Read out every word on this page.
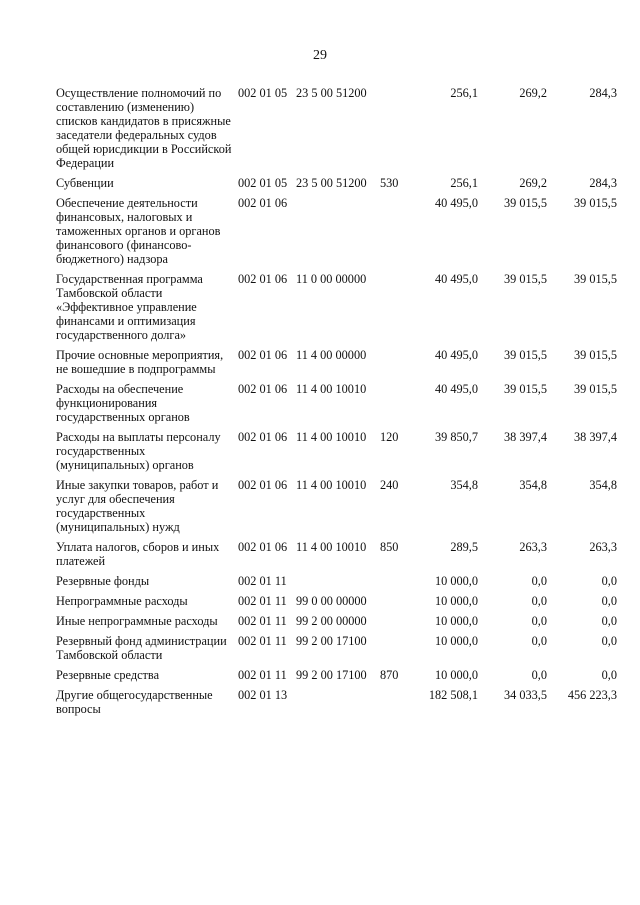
29
Осуществление полномочий по составлению (изменению) списков кандидатов в присяжные заседатели федеральных судов общей юрисдикции в Российской Федерации	002 01 05	23 5 00 51200		256,1	269,2	284,3
Субвенции	002 01 05	23 5 00 51200	530	256,1	269,2	284,3
Обеспечение деятельности финансовых, налоговых и таможенных органов и органов финансового (финансово-бюджетного) надзора	002 01 06			40 495,0	39 015,5	39 015,5
Государственная программа Тамбовской области «Эффективное управление финансами и оптимизация государственного долга»	002 01 06	11 0 00 00000		40 495,0	39 015,5	39 015,5
Прочие основные мероприятия, не вошедшие в подпрограммы	002 01 06	11 4 00 00000		40 495,0	39 015,5	39 015,5
Расходы на обеспечение функционирования государственных органов	002 01 06	11 4 00 10010		40 495,0	39 015,5	39 015,5
Расходы на выплаты персоналу государственных (муниципальных) органов	002 01 06	11 4 00 10010	120	39 850,7	38 397,4	38 397,4
Иные закупки товаров, работ и услуг для обеспечения государственных (муниципальных) нужд	002 01 06	11 4 00 10010	240	354,8	354,8	354,8
Уплата налогов, сборов и иных платежей	002 01 06	11 4 00 10010	850	289,5	263,3	263,3
Резервные фонды	002 01 11			10 000,0	0,0	0,0
Непрограммные расходы	002 01 11	99 0 00 00000		10 000,0	0,0	0,0
Иные непрограммные расходы	002 01 11	99 2 00 00000		10 000,0	0,0	0,0
Резервный фонд администрации Тамбовской области	002 01 11	99 2 00 17100		10 000,0	0,0	0,0
Резервные средства	002 01 11	99 2 00 17100	870	10 000,0	0,0	0,0
Другие общегосударственные вопросы	002 01 13			182 508,1	34 033,5	456 223,3
